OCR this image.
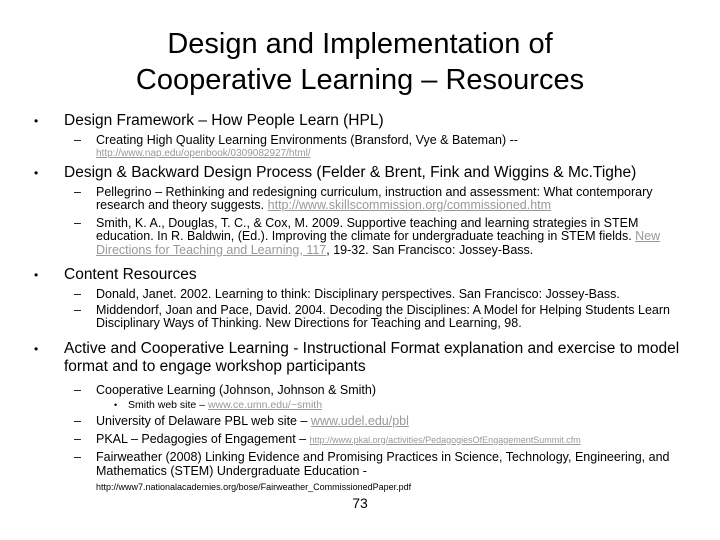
Design and Implementation of
Cooperative Learning – Resources
• Design Framework – How People Learn (HPL)
– Creating High Quality Learning Environments (Bransford, Vye & Bateman) --
http://www.nap.edu/openbook/0309082927/html/
• Design & Backward Design Process (Felder & Brent, Fink and Wiggins & Mc.Tighe)
– Pellegrino – Rethinking and redesigning curriculum, instruction and assessment: What contemporary research and theory suggests. http://www.skillscommission.org/commissioned.htm
– Smith, K. A., Douglas, T. C., & Cox, M. 2009. Supportive teaching and learning strategies in STEM education. In R. Baldwin, (Ed.). Improving the climate for undergraduate teaching in STEM fields. New Directions for Teaching and Learning, 117, 19-32. San Francisco: Jossey-Bass.
• Content Resources
– Donald, Janet. 2002. Learning to think: Disciplinary perspectives. San Francisco: Jossey-Bass.
– Middendorf, Joan and Pace, David. 2004. Decoding the Disciplines: A Model for Helping Students Learn Disciplinary Ways of Thinking. New Directions for Teaching and Learning, 98.
• Active and Cooperative Learning - Instructional Format explanation and exercise to model format and to engage workshop participants
– Cooperative Learning (Johnson, Johnson & Smith)
• Smith web site – www.ce.umn.edu/~smith
– University of Delaware PBL web site – www.udel.edu/pbl
– PKAL – Pedagogies of Engagement – http://www.pkal.org/activities/PedagogiesOfEngagementSummit.cfm
– Fairweather (2008) Linking Evidence and Promising Practices in Science, Technology, Engineering, and Mathematics (STEM) Undergraduate Education -
http://www7.nationalacademies.org/bose/Fairweather_CommissionedPaper.pdf
73
